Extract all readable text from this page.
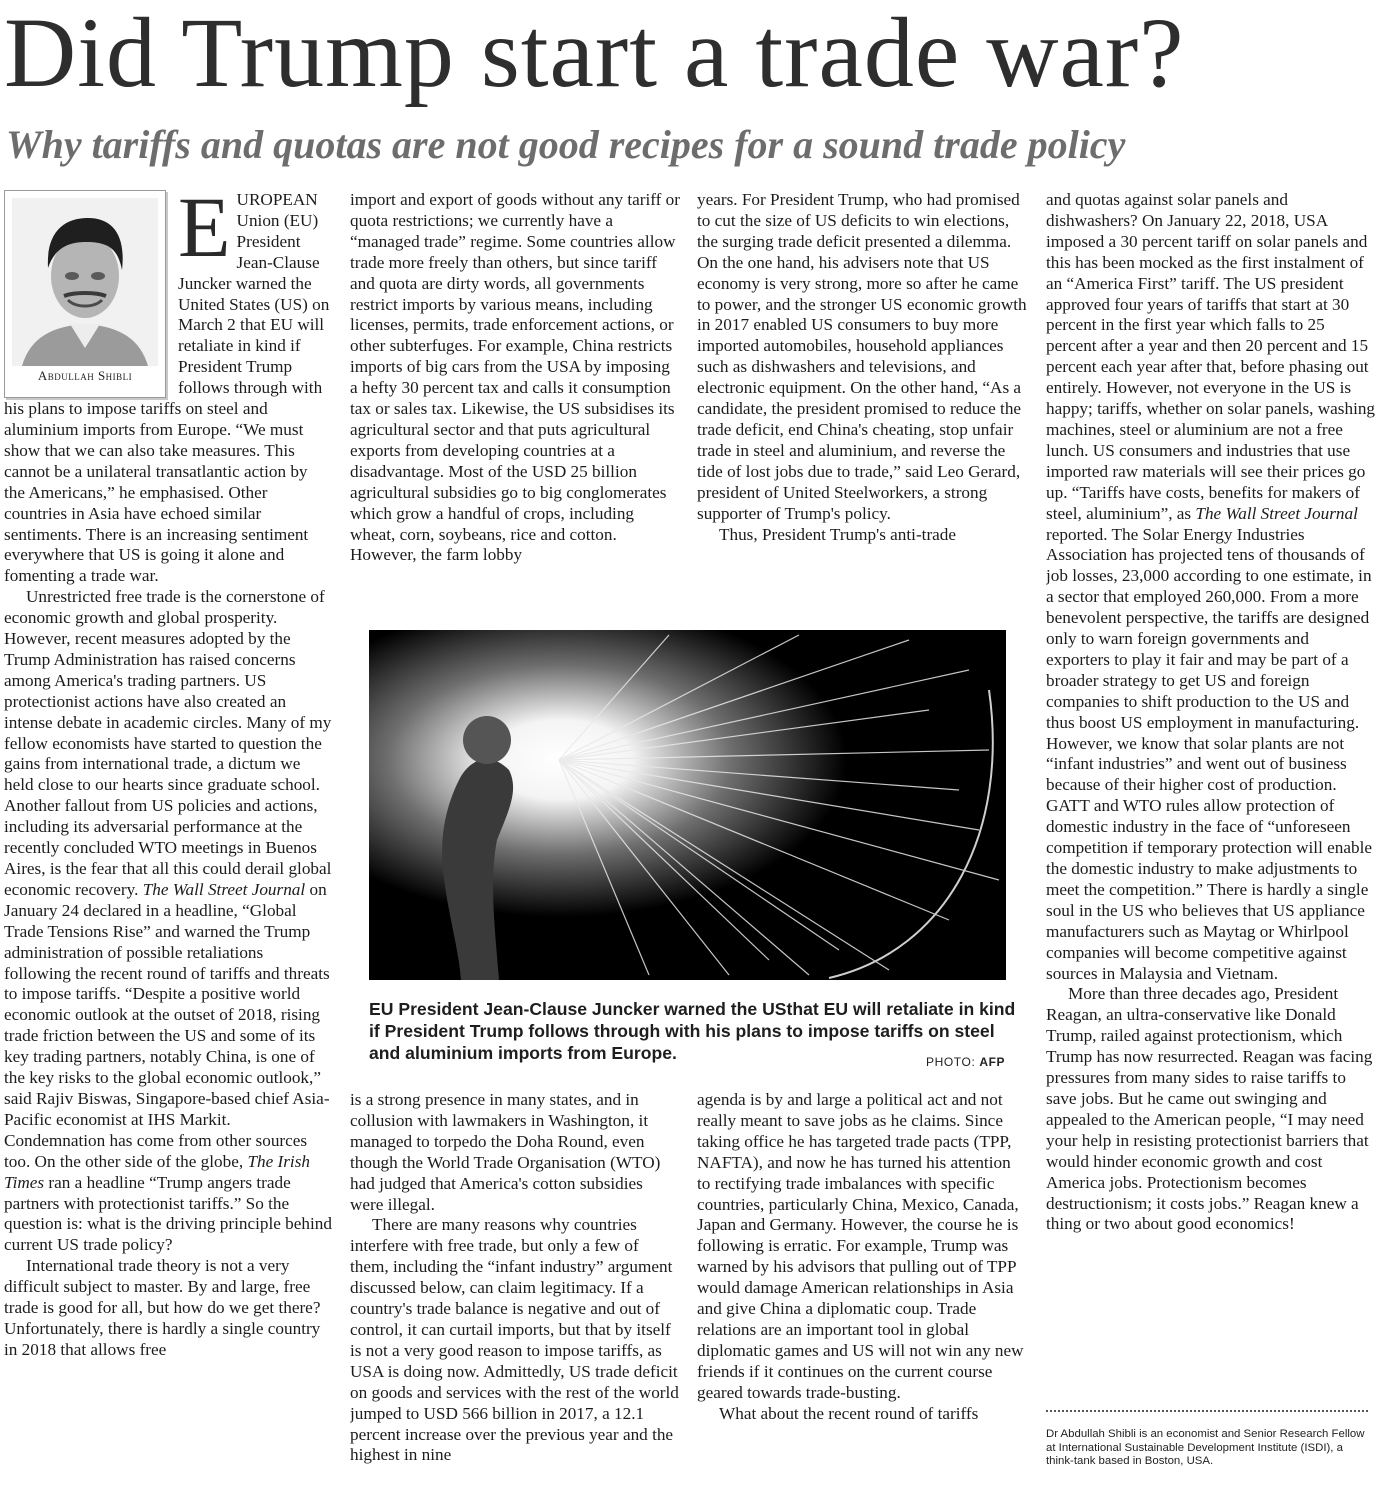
Did Trump start a trade war?
Why tariffs and quotas are not good recipes for a sound trade policy
Abdullah Shibli

EUROPEAN Union (EU) President Jean-Clause Juncker warned the United States (US) on March 2 that EU will retaliate in kind if President Trump follows through with his plans to impose tariffs on steel and aluminium imports from Europe. “We must show that we can also take measures. This cannot be a unilateral transatlantic action by the Americans,” he emphasised. Other countries in Asia have echoed similar sentiments. There is an increasing sentiment everywhere that US is going it alone and fomenting a trade war.

Unrestricted free trade is the cornerstone of economic growth and global prosperity. However, recent measures adopted by the Trump Administration has raised concerns among America's trading partners. US protectionist actions have also created an intense debate in academic circles. Many of my fellow economists have started to question the gains from international trade, a dictum we held close to our hearts since graduate school. Another fallout from US policies and actions, including its adversarial performance at the recently concluded WTO meetings in Buenos Aires, is the fear that all this could derail global economic recovery. The Wall Street Journal on January 24 declared in a headline, “Global Trade Tensions Rise” and warned the Trump administration of possible retaliations following the recent round of tariffs and threats to impose tariffs. “Despite a positive world economic outlook at the outset of 2018, rising trade friction between the US and some of its key trading partners, notably China, is one of the key risks to the global economic outlook,” said Rajiv Biswas, Singapore-based chief Asia-Pacific economist at IHS Markit. Condemnation has come from other sources too. On the other side of the globe, The Irish Times ran a headline “Trump angers trade partners with protectionist tariffs.” So the question is: what is the driving principle behind current US trade policy?

International trade theory is not a very difficult subject to master. By and large, free trade is good for all, but how do we get there? Unfortunately, there is hardly a single country in 2018 that allows free

import and export of goods without any tariff or quota restrictions; we currently have a “managed trade” regime. Some countries allow trade more freely than others, but since tariff and quota are dirty words, all governments restrict imports by various means, including licenses, permits, trade enforcement actions, or other subterfuges. For example, China restricts imports of big cars from the USA by imposing a hefty 30 percent tax and calls it consumption tax or sales tax. Likewise, the US subsidises its agricultural sector and that puts agricultural exports from developing countries at a disadvantage. Most of the USD 25 billion agricultural subsidies go to big conglomerates which grow a handful of crops, including wheat, corn, soybeans, rice and cotton. However, the farm lobby

years. For President Trump, who had promised to cut the size of US deficits to win elections, the surging trade deficit presented a dilemma. On the one hand, his advisers note that US economy is very strong, more so after he came to power, and the stronger US economic growth in 2017 enabled US consumers to buy more imported automobiles, household appliances such as dishwashers and televisions, and electronic equipment. On the other hand, “As a candidate, the president promised to reduce the trade deficit, end China's cheating, stop unfair trade in steel and aluminium, and reverse the tide of lost jobs due to trade,” said Leo Gerard, president of United Steelworkers, a strong supporter of Trump's policy.

Thus, President Trump's anti-trade

EU President Jean-Clause Juncker warned the USthat EU will retaliate in kind if President Trump follows through with his plans to impose tariffs on steel and aluminium imports from Europe.	PHOTO: AFP

is a strong presence in many states, and in collusion with lawmakers in Washington, it managed to torpedo the Doha Round, even though the World Trade Organisation (WTO) had judged that America's cotton subsidies were illegal.

There are many reasons why countries interfere with free trade, but only a few of them, including the “infant industry” argument discussed below, can claim legitimacy. If a country's trade balance is negative and out of control, it can curtail imports, but that by itself is not a very good reason to impose tariffs, as USA is doing now. Admittedly, US trade deficit on goods and services with the rest of the world jumped to USD 566 billion in 2017, a 12.1 percent increase over the previous year and the highest in nine

agenda is by and large a political act and not really meant to save jobs as he claims. Since taking office he has targeted trade pacts (TPP, NAFTA), and now he has turned his attention to rectifying trade imbalances with specific countries, particularly China, Mexico, Canada, Japan and Germany. However, the course he is following is erratic. For example, Trump was warned by his advisors that pulling out of TPP would damage American relationships in Asia and give China a diplomatic coup. Trade relations are an important tool in global diplomatic games and US will not win any new friends if it continues on the current course geared towards trade-busting.

What about the recent round of tariffs

and quotas against solar panels and dishwashers? On January 22, 2018, USA imposed a 30 percent tariff on solar panels and this has been mocked as the first instalment of an “America First” tariff. The US president approved four years of tariffs that start at 30 percent in the first year which falls to 25 percent after a year and then 20 percent and 15 percent each year after that, before phasing out entirely. However, not everyone in the US is happy; tariffs, whether on solar panels, washing machines, steel or aluminium are not a free lunch. US consumers and industries that use imported raw materials will see their prices go up. “Tariffs have costs, benefits for makers of steel, aluminium”, as The Wall Street Journal reported. The Solar Energy Industries Association has projected tens of thousands of job losses, 23,000 according to one estimate, in a sector that employed 260,000. From a more benevolent perspective, the tariffs are designed only to warn foreign governments and exporters to play it fair and may be part of a broader strategy to get US and foreign companies to shift production to the US and thus boost US employment in manufacturing. However, we know that solar plants are not “infant industries” and went out of business because of their higher cost of production. GATT and WTO rules allow protection of domestic industry in the face of “unforeseen competition if temporary protection will enable the domestic industry to make adjustments to meet the competition.” There is hardly a single soul in the US who believes that US appliance manufacturers such as Maytag or Whirlpool companies will become competitive against sources in Malaysia and Vietnam.

More than three decades ago, President Reagan, an ultra-conservative like Donald Trump, railed against protectionism, which Trump has now resurrected. Reagan was facing pressures from many sides to raise tariffs to save jobs. But he came out swinging and appealed to the American people, “I may need your help in resisting protectionist barriers that would hinder economic growth and cost America jobs. Protectionism becomes destructionism; it costs jobs.” Reagan knew a thing or two about good economics!

Dr Abdullah Shibli is an economist and Senior Research Fellow at International Sustainable Development Institute (ISDI), a think-tank based in Boston, USA.
